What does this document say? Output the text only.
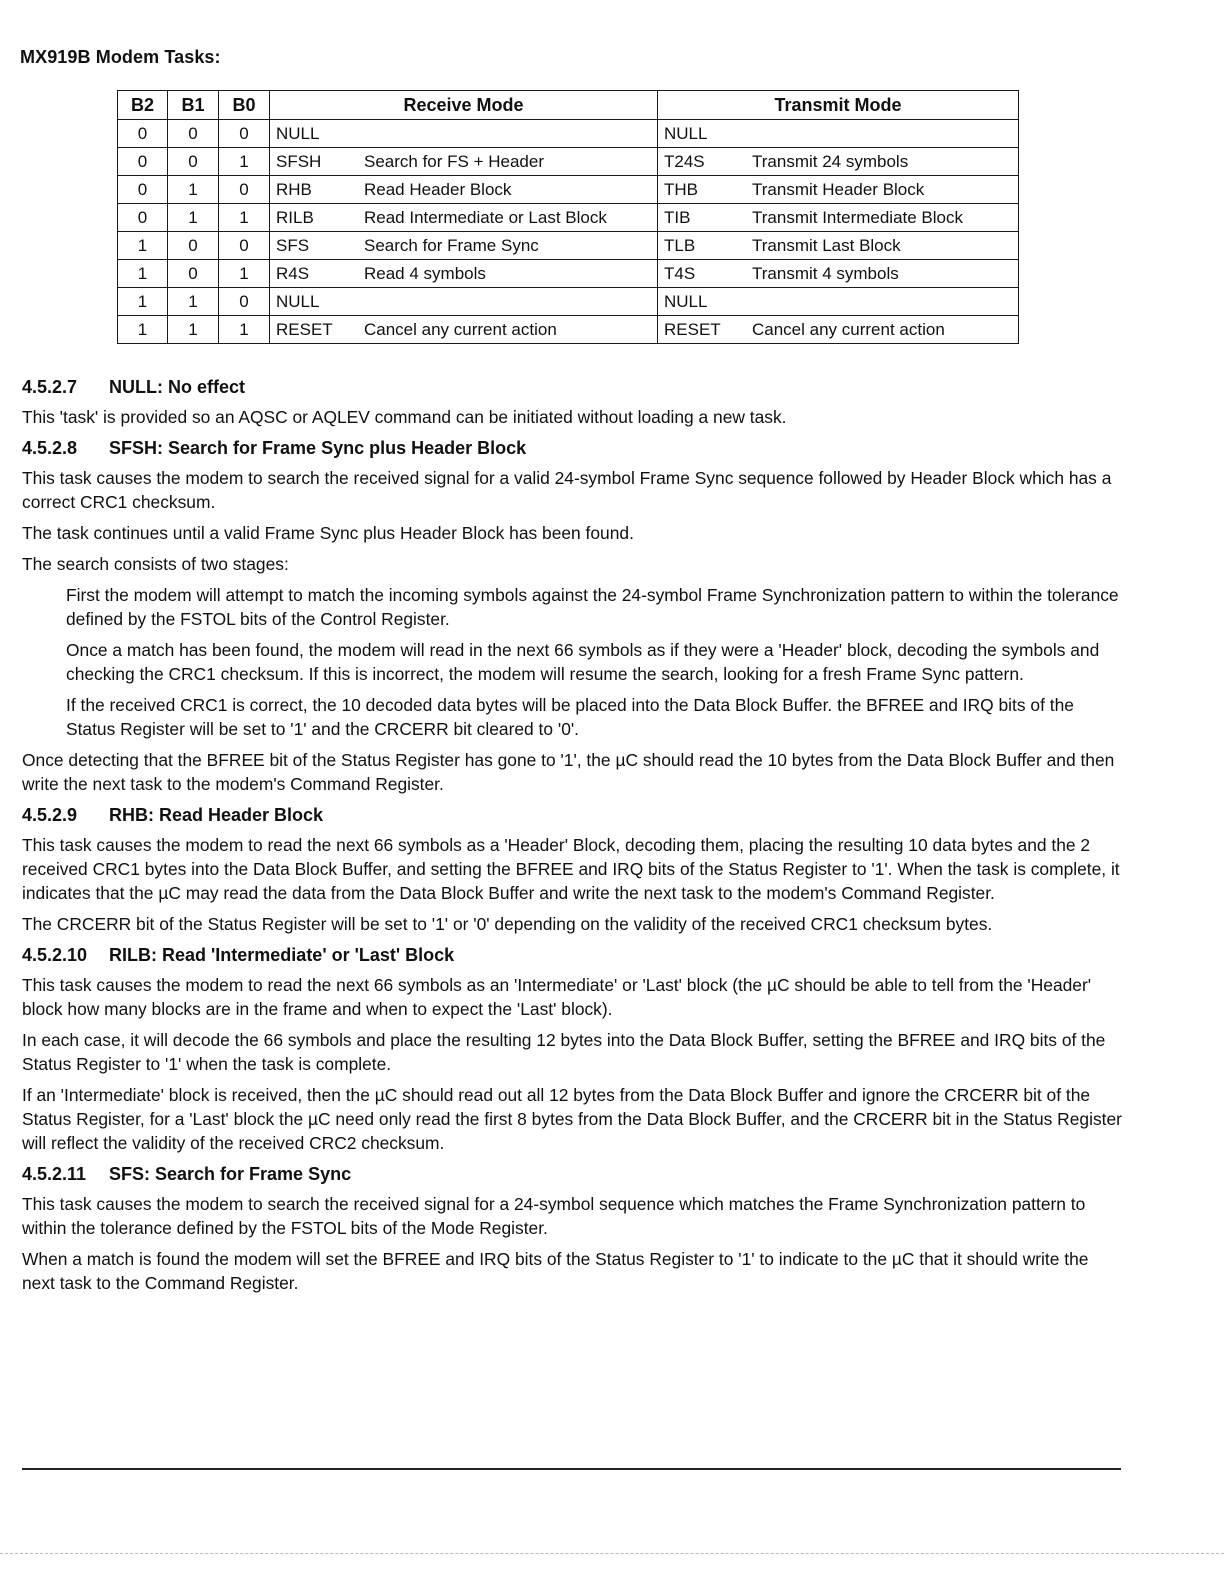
MX919B Modem Tasks:
B2	B1	B0	Receive Mode	Transmit Mode
0	0	0	NULL	NULL
0	0	1	SFSH Search for FS + Header	T24S Transmit 24 symbols
0	1	0	RHB Read Header Block	THB Transmit Header Block
0	1	1	RILB Read Intermediate or Last Block	TIB Transmit Intermediate Block
1	0	0	SFS Search for Frame Sync	TLB Transmit Last Block
1	0	1	R4S Read 4 symbols	T4S Transmit 4 symbols
1	1	0	NULL	NULL
1	1	1	RESET Cancel any current action	RESET Cancel any current action
4.5.2.7 NULL: No effect

This 'task' is provided so an AQSC or AQLEV command can be initiated without loading a new task.

4.5.2.8 SFSH: Search for Frame Sync plus Header Block

This task causes the modem to search the received signal for a valid 24-symbol Frame Sync sequence followed by Header Block which has a correct CRC1 checksum.

The task continues until a valid Frame Sync plus Header Block has been found.

The search consists of two stages:

First the modem will attempt to match the incoming symbols against the 24-symbol Frame Synchronization pattern to within the tolerance defined by the FSTOL bits of the Control Register.

Once a match has been found, the modem will read in the next 66 symbols as if they were a 'Header' block, decoding the symbols and checking the CRC1 checksum. If this is incorrect, the modem will resume the search, looking for a fresh Frame Sync pattern.

If the received CRC1 is correct, the 10 decoded data bytes will be placed into the Data Block Buffer. the BFREE and IRQ bits of the Status Register will be set to '1' and the CRCERR bit cleared to '0'.

Once detecting that the BFREE bit of the Status Register has gone to '1', the µC should read the 10 bytes from the Data Block Buffer and then write the next task to the modem's Command Register.

4.5.2.9 RHB: Read Header Block

This task causes the modem to read the next 66 symbols as a 'Header' Block, decoding them, placing the resulting 10 data bytes and the 2 received CRC1 bytes into the Data Block Buffer, and setting the BFREE and IRQ bits of the Status Register to '1'. When the task is complete, it indicates that the µC may read the data from the Data Block Buffer and write the next task to the modem's Command Register.

The CRCERR bit of the Status Register will be set to '1' or '0' depending on the validity of the received CRC1 checksum bytes.

4.5.2.10 RILB: Read 'Intermediate' or 'Last' Block

This task causes the modem to read the next 66 symbols as an 'Intermediate' or 'Last' block (the µC should be able to tell from the 'Header' block how many blocks are in the frame and when to expect the 'Last' block).

In each case, it will decode the 66 symbols and place the resulting 12 bytes into the Data Block Buffer, setting the BFREE and IRQ bits of the Status Register to '1' when the task is complete.

If an 'Intermediate' block is received, then the µC should read out all 12 bytes from the Data Block Buffer and ignore the CRCERR bit of the Status Register, for a 'Last' block the µC need only read the first 8 bytes from the Data Block Buffer, and the CRCERR bit in the Status Register will reflect the validity of the received CRC2 checksum.

4.5.2.11 SFS: Search for Frame Sync

This task causes the modem to search the received signal for a 24-symbol sequence which matches the Frame Synchronization pattern to within the tolerance defined by the FSTOL bits of the Mode Register.

When a match is found the modem will set the BFREE and IRQ bits of the Status Register to '1' to indicate to the µC that it should write the next task to the Command Register.
